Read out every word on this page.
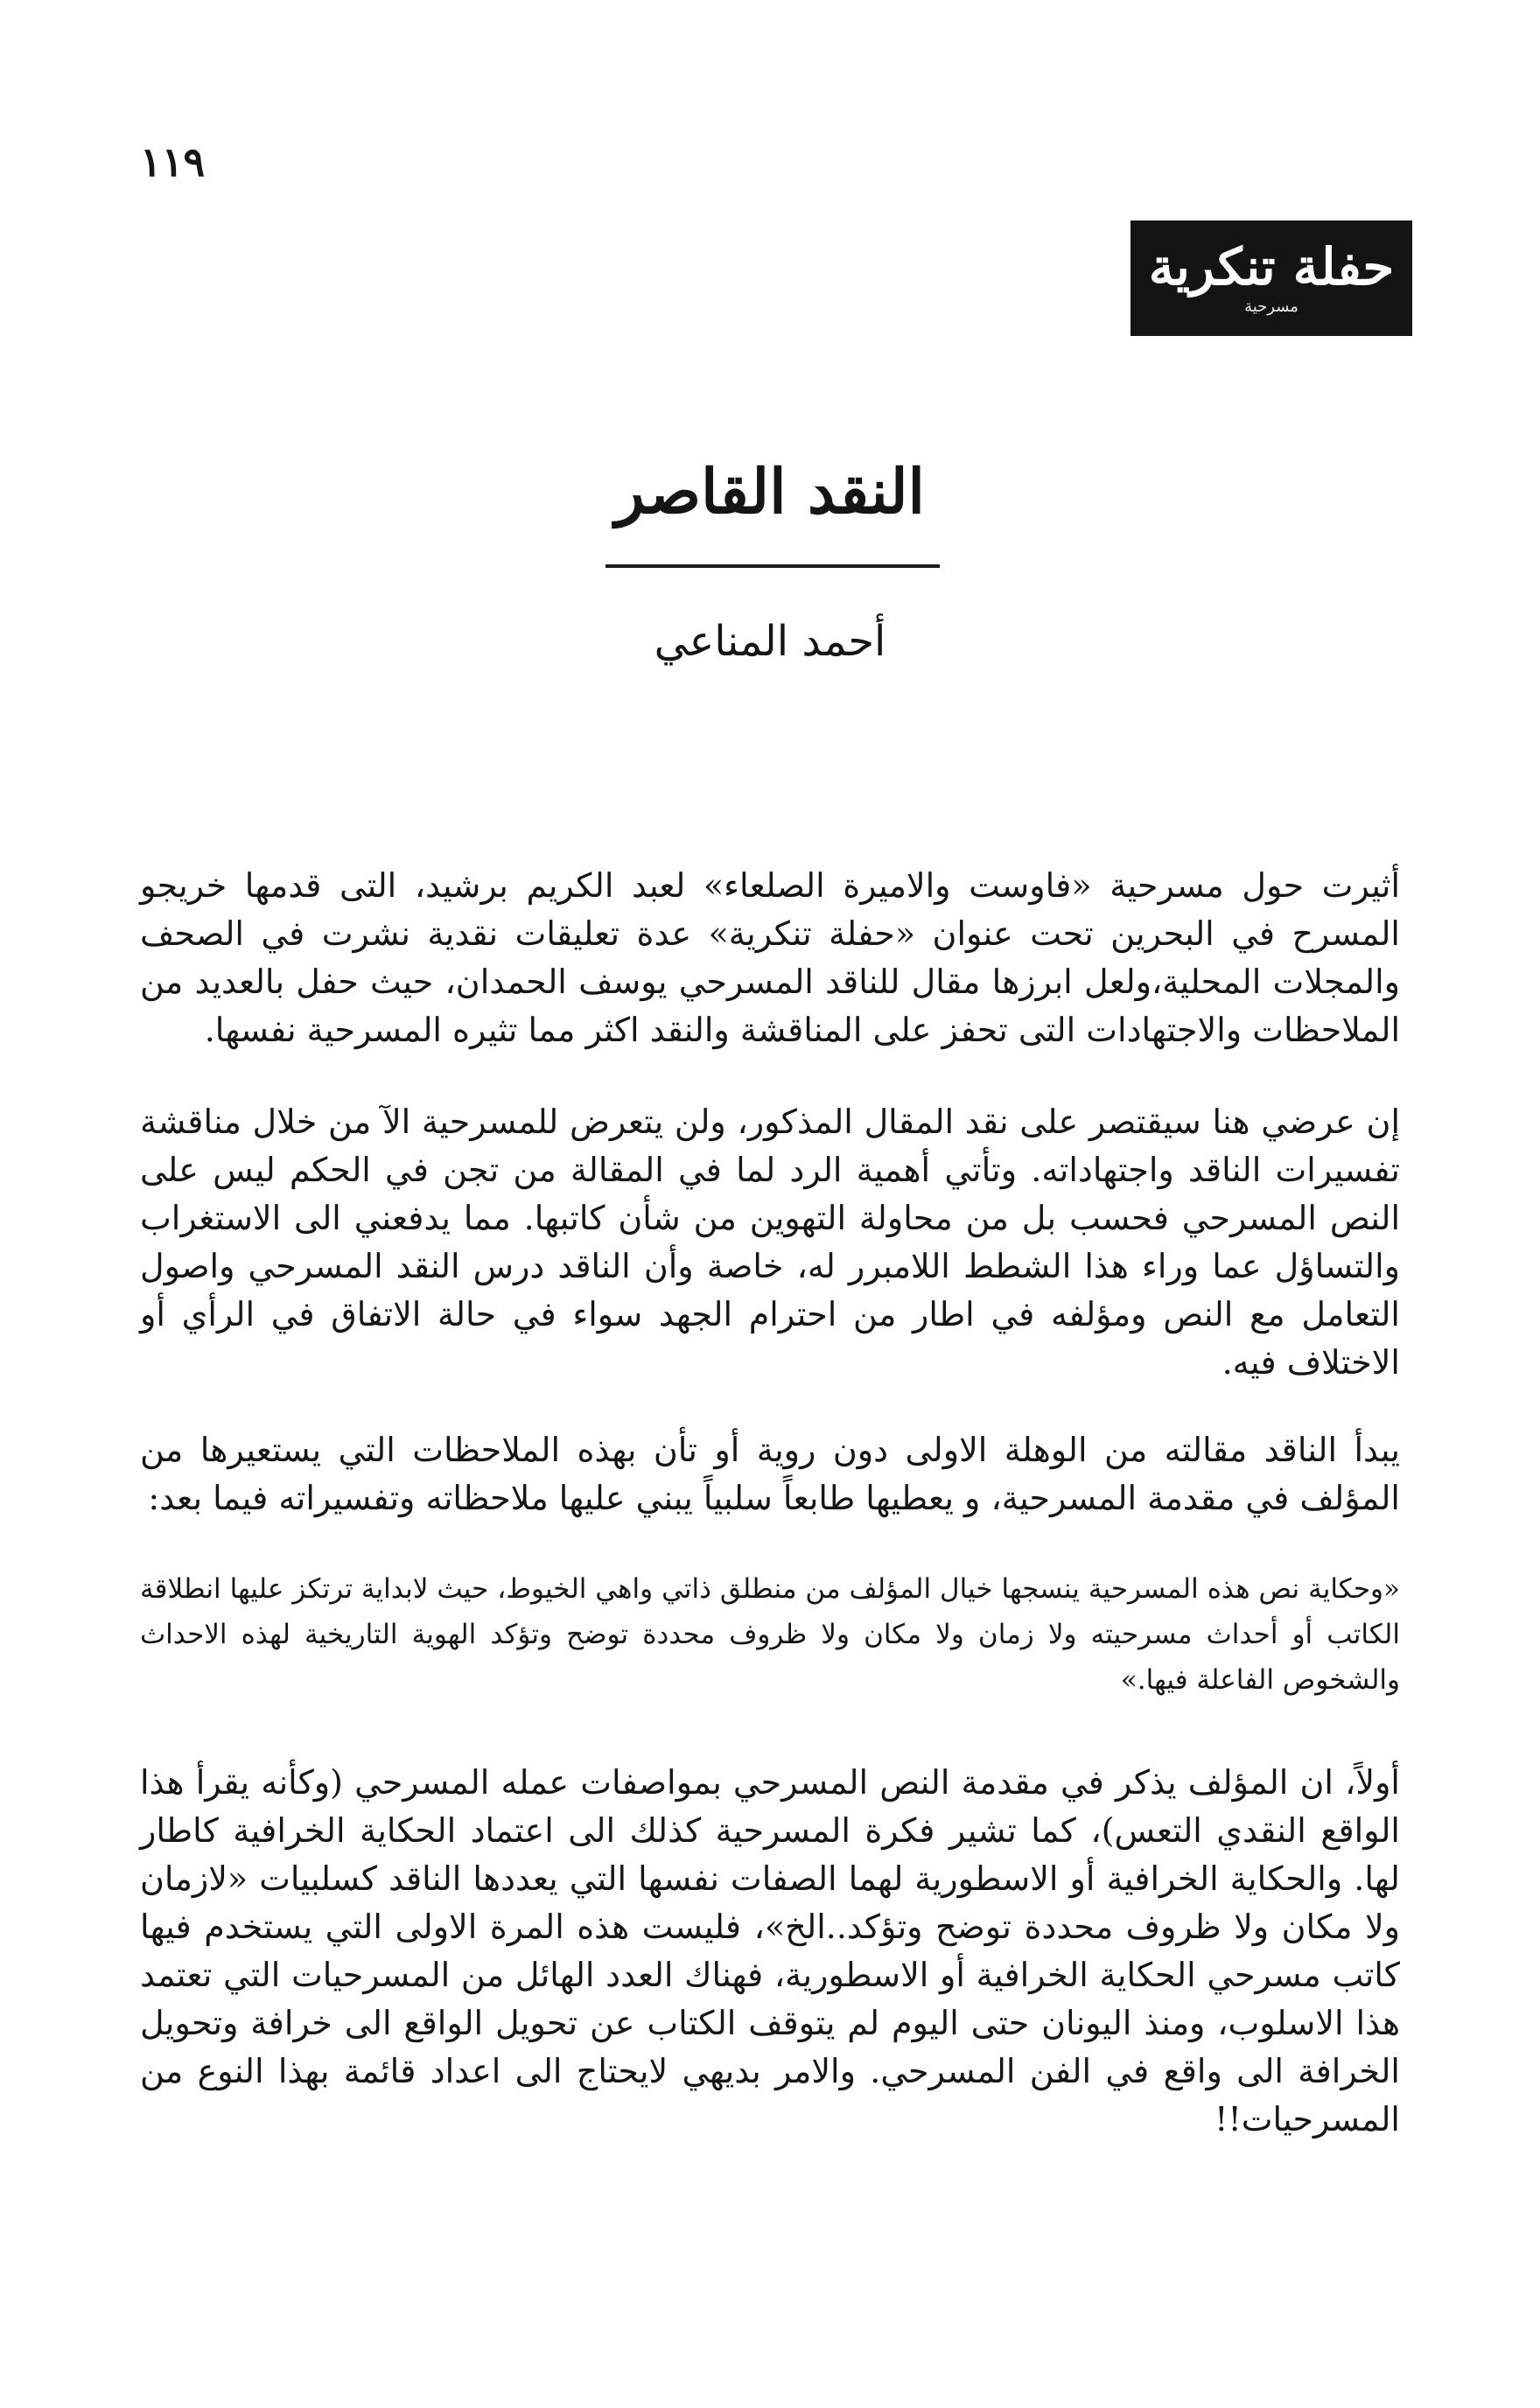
١١٩
حفلة تنكرية
مسرحية
النقد القاصر
أحمد المناعي

أثيرت حول مسرحية «فاوست والاميرة الصلعاء» لعبد الكريم برشيد، التى قدمها خريجو المسرح في البحرين تحت عنوان «حفلة تنكرية» عدة تعليقات نقدية نشرت في الصحف والمجلات المحلية،ولعل ابرزها مقال للناقد المسرحي يوسف الحمدان، حيث حفل بالعديد من الملاحظات والاجتهادات التى تحفز على المناقشة والنقد اكثر مما تثيره المسرحية نفسها.

إن عرضي هنا سيقتصر على نقد المقال المذكور، ولن يتعرض للمسرحية الآ من خلال مناقشة تفسيرات الناقد واجتهاداته. وتأتي أهمية الرد لما في المقالة من تجن في الحكم ليس على النص المسرحي فحسب بل من محاولة التهوين من شأن كاتبها. مما يدفعني الى الاستغراب والتساؤل عما وراء هذا الشطط اللامبرر له، خاصة وأن الناقد درس النقد المسرحي واصول التعامل مع النص ومؤلفه في اطار من احترام الجهد سواء في حالة الاتفاق في الرأي أو الاختلاف فيه.

يبدأ الناقد مقالته من الوهلة الاولى دون روية أو تأن بهذه الملاحظات التي يستعيرها من المؤلف في مقدمة المسرحية، و يعطيها طابعاً سلبياً يبني عليها ملاحظاته وتفسيراته فيما بعد:

«وحكاية نص هذه المسرحية ينسجها خيال المؤلف من منطلق ذاتي واهي الخيوط، حيث لابداية ترتكز عليها انطلاقة الكاتب أو أحداث مسرحيته ولا زمان ولا مكان ولا ظروف محددة توضح وتؤكد الهوية التاريخية لهذه الاحداث والشخوص الفاعلة فيها.»

أولاً، ان المؤلف يذكر في مقدمة النص المسرحي بمواصفات عمله المسرحي (وكأنه يقرأ هذا الواقع النقدي التعس)، كما تشير فكرة المسرحية كذلك الى اعتماد الحكاية الخرافية كاطار لها. والحكاية الخرافية أو الاسطورية لهما الصفات نفسها التي يعددها الناقد كسلبيات «لازمان ولا مكان ولا ظروف محددة توضح وتؤكد..الخ»، فليست هذه المرة الاولى التي يستخدم فيها كاتب مسرحي الحكاية الخرافية أو الاسطورية، فهناك العدد الهائل من المسرحيات التي تعتمد هذا الاسلوب، ومنذ اليونان حتى اليوم لم يتوقف الكتاب عن تحويل الواقع الى خرافة وتحويل الخرافة الى واقع في الفن المسرحي. والامر بديهي لايحتاج الى اعداد قائمة بهذا النوع من المسرحيات!!
